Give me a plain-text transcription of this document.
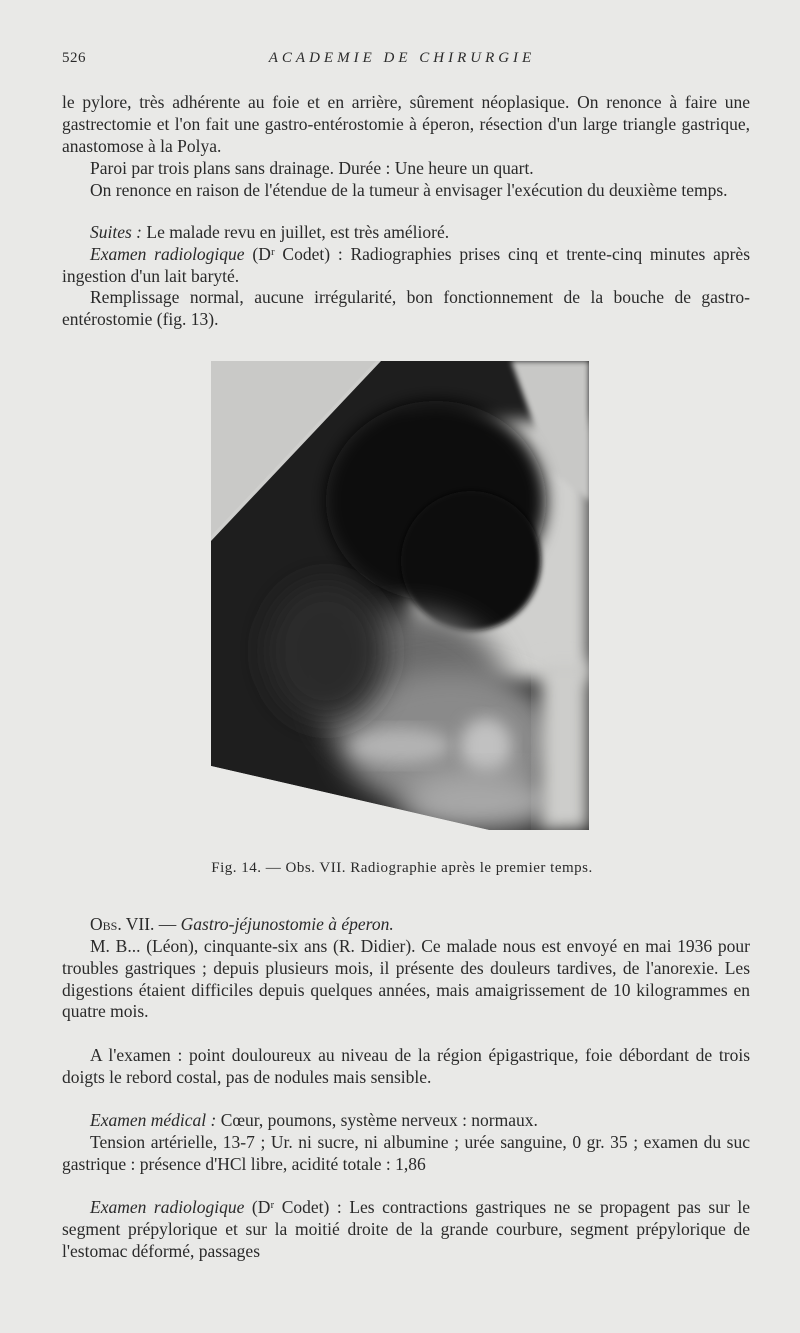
526	ACADEMIE DE CHIRURGIE

le pylore, très adhérente au foie et en arrière, sûrement néoplasique. On renonce à faire une gastrectomie et l'on fait une gastro-entérostomie à éperon, résection d'un large triangle gastrique, anastomose à la Polya.

Paroi par trois plans sans drainage. Durée : Une heure un quart.

On renonce en raison de l'étendue de la tumeur à envisager l'exécution du deuxième temps.

Suites : Le malade revu en juillet, est très amélioré.

Examen radiologique (Dʳ Codet) : Radiographies prises cinq et trente-cinq minutes après ingestion d'un lait baryté.

Remplissage normal, aucune irrégularité, bon fonctionnement de la bouche de gastro-entérostomie (fig. 13).

Fig. 14. — Obs. VII. Radiographie après le premier temps.

Obs. VII. — Gastro-jéjunostomie à éperon.

M. B... (Léon), cinquante-six ans (R. Didier). Ce malade nous est envoyé en mai 1936 pour troubles gastriques ; depuis plusieurs mois, il présente des douleurs tardives, de l'anorexie. Les digestions étaient difficiles depuis quelques années, mais amaigrissement de 10 kilogrammes en quatre mois.

A l'examen : point douloureux au niveau de la région épigastrique, foie débordant de trois doigts le rebord costal, pas de nodules mais sensible.

Examen médical : Cœur, poumons, système nerveux : normaux.

Tension artérielle, 13-7 ; Ur. ni sucre, ni albumine ; urée sanguine, 0 gr. 35 ; examen du suc gastrique : présence d'HCl libre, acidité totale : 1,86

Examen radiologique (Dʳ Codet) : Les contractions gastriques ne se propagent pas sur le segment prépylorique et sur la moitié droite de la grande courbure, segment prépylorique de l'estomac déformé, passages
